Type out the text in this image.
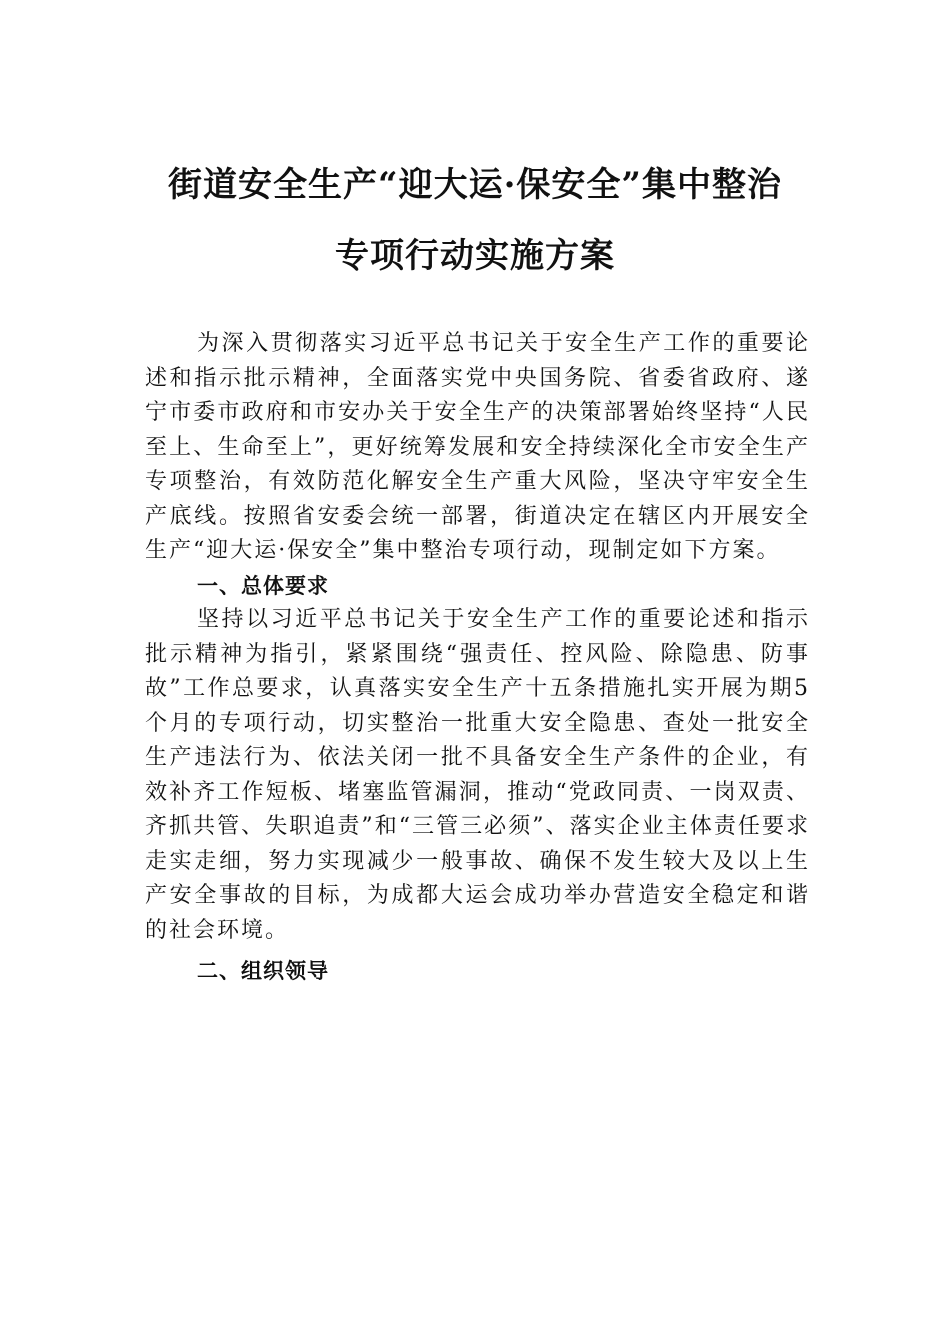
街道安全生产“迎大运·保安全”集中整治
专项行动实施方案

为深入贯彻落实习近平总书记关于安全生产工作的重要论述和指示批示精神，全面落实党中央国务院、省委省政府、遂宁市委市政府和市安办关于安全生产的决策部署始终坚持“人民至上、生命至上”，更好统筹发展和安全持续深化全市安全生产专项整治，有效防范化解安全生产重大风险，坚决守牢安全生产底线。按照省安委会统一部署，街道决定在辖区内开展安全生产“迎大运·保安全”集中整治专项行动，现制定如下方案。

一、总体要求

坚持以习近平总书记关于安全生产工作的重要论述和指示批示精神为指引，紧紧围绕“强责任、控风险、除隐患、防事故”工作总要求，认真落实安全生产十五条措施扎实开展为期5个月的专项行动，切实整治一批重大安全隐患、查处一批安全生产违法行为、依法关闭一批不具备安全生产条件的企业，有效补齐工作短板、堵塞监管漏洞，推动“党政同责、一岗双责、齐抓共管、失职追责”和“三管三必须”、落实企业主体责任要求走实走细，努力实现减少一般事故、确保不发生较大及以上生产安全事故的目标，为成都大运会成功举办营造安全稳定和谐的社会环境。

二、组织领导
